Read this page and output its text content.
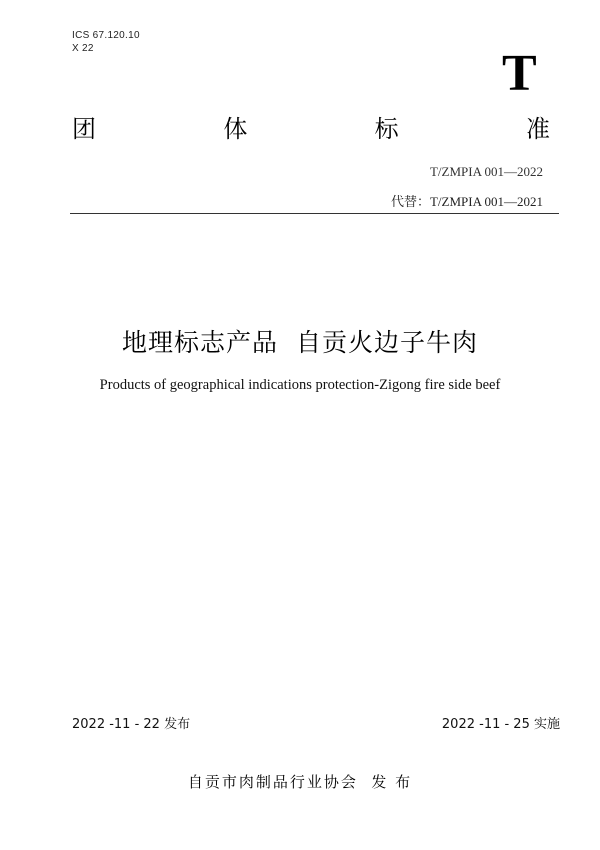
ICS 67.120.10
X 22	T
团	体	标	准
T/ZMPIA 001—2022
代替：T/ZMPIA 001—2021
地理标志产品  自贡火边子牛肉
Products of geographical indications protection-Zigong fire side beef
2022 -11 - 22 发布	2022 -11 - 25 实施
自贡市肉制品行业协会  发 布
